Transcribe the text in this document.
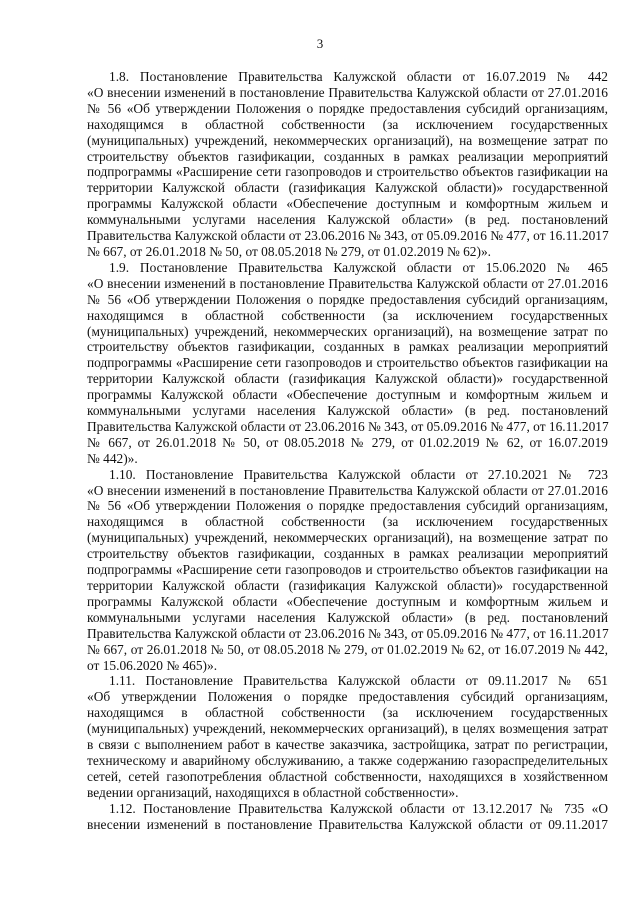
3

1.8. Постановление Правительства Калужской области от 16.07.2019 № 442
«О внесении изменений в постановление Правительства Калужской области от 27.01.2016
№ 56 «Об утверждении Положения о порядке предоставления субсидий организациям,
находящимся в областной собственности (за исключением государственных
(муниципальных) учреждений, некоммерческих организаций), на возмещение затрат по
строительству объектов газификации, созданных в рамках реализации мероприятий
подпрограммы «Расширение сети газопроводов и строительство объектов газификации на
территории Калужской области (газификация Калужской области)» государственной
программы Калужской области «Обеспечение доступным и комфортным жильем и
коммунальными услугами населения Калужской области» (в ред. постановлений
Правительства Калужской области от 23.06.2016 № 343, от 05.09.2016 № 477, от 16.11.2017
№ 667, от 26.01.2018 № 50, от 08.05.2018 № 279, от 01.02.2019 № 62)».

1.9. Постановление Правительства Калужской области от 15.06.2020 № 465
«О внесении изменений в постановление Правительства Калужской области от 27.01.2016
№ 56 «Об утверждении Положения о порядке предоставления субсидий организациям,
находящимся в областной собственности (за исключением государственных
(муниципальных) учреждений, некоммерческих организаций), на возмещение затрат по
строительству объектов газификации, созданных в рамках реализации мероприятий
подпрограммы «Расширение сети газопроводов и строительство объектов газификации на
территории Калужской области (газификация Калужской области)» государственной
программы Калужской области «Обеспечение доступным и комфортным жильем и
коммунальными услугами населения Калужской области» (в ред. постановлений
Правительства Калужской области от 23.06.2016 № 343, от 05.09.2016 № 477, от 16.11.2017
№ 667, от 26.01.2018 № 50, от 08.05.2018 № 279, от 01.02.2019 № 62, от 16.07.2019
№ 442)».

1.10. Постановление Правительства Калужской области от 27.10.2021 № 723
«О внесении изменений в постановление Правительства Калужской области от 27.01.2016
№ 56 «Об утверждении Положения о порядке предоставления субсидий организациям,
находящимся в областной собственности (за исключением государственных
(муниципальных) учреждений, некоммерческих организаций), на возмещение затрат по
строительству объектов газификации, созданных в рамках реализации мероприятий
подпрограммы «Расширение сети газопроводов и строительство объектов газификации на
территории Калужской области (газификация Калужской области)» государственной
программы Калужской области «Обеспечение доступным и комфортным жильем и
коммунальными услугами населения Калужской области» (в ред. постановлений
Правительства Калужской области от 23.06.2016 № 343, от 05.09.2016 № 477, от 16.11.2017
№ 667, от 26.01.2018 № 50, от 08.05.2018 № 279, от 01.02.2019 № 62, от 16.07.2019 № 442,
от 15.06.2020 № 465)».

1.11. Постановление Правительства Калужской области от 09.11.2017 № 651
«Об утверждении Положения о порядке предоставления субсидий организациям,
находящимся в областной собственности (за исключением государственных
(муниципальных) учреждений, некоммерческих организаций), в целях возмещения затрат
в связи с выполнением работ в качестве заказчика, застройщика, затрат по регистрации,
техническому и аварийному обслуживанию, а также содержанию газораспределительных
сетей, сетей газопотребления областной собственности, находящихся в хозяйственном
ведении организаций, находящихся в областной собственности».

1.12. Постановление Правительства Калужской области от 13.12.2017 № 735 «О
внесении изменений в постановление Правительства Калужской области от 09.11.2017
